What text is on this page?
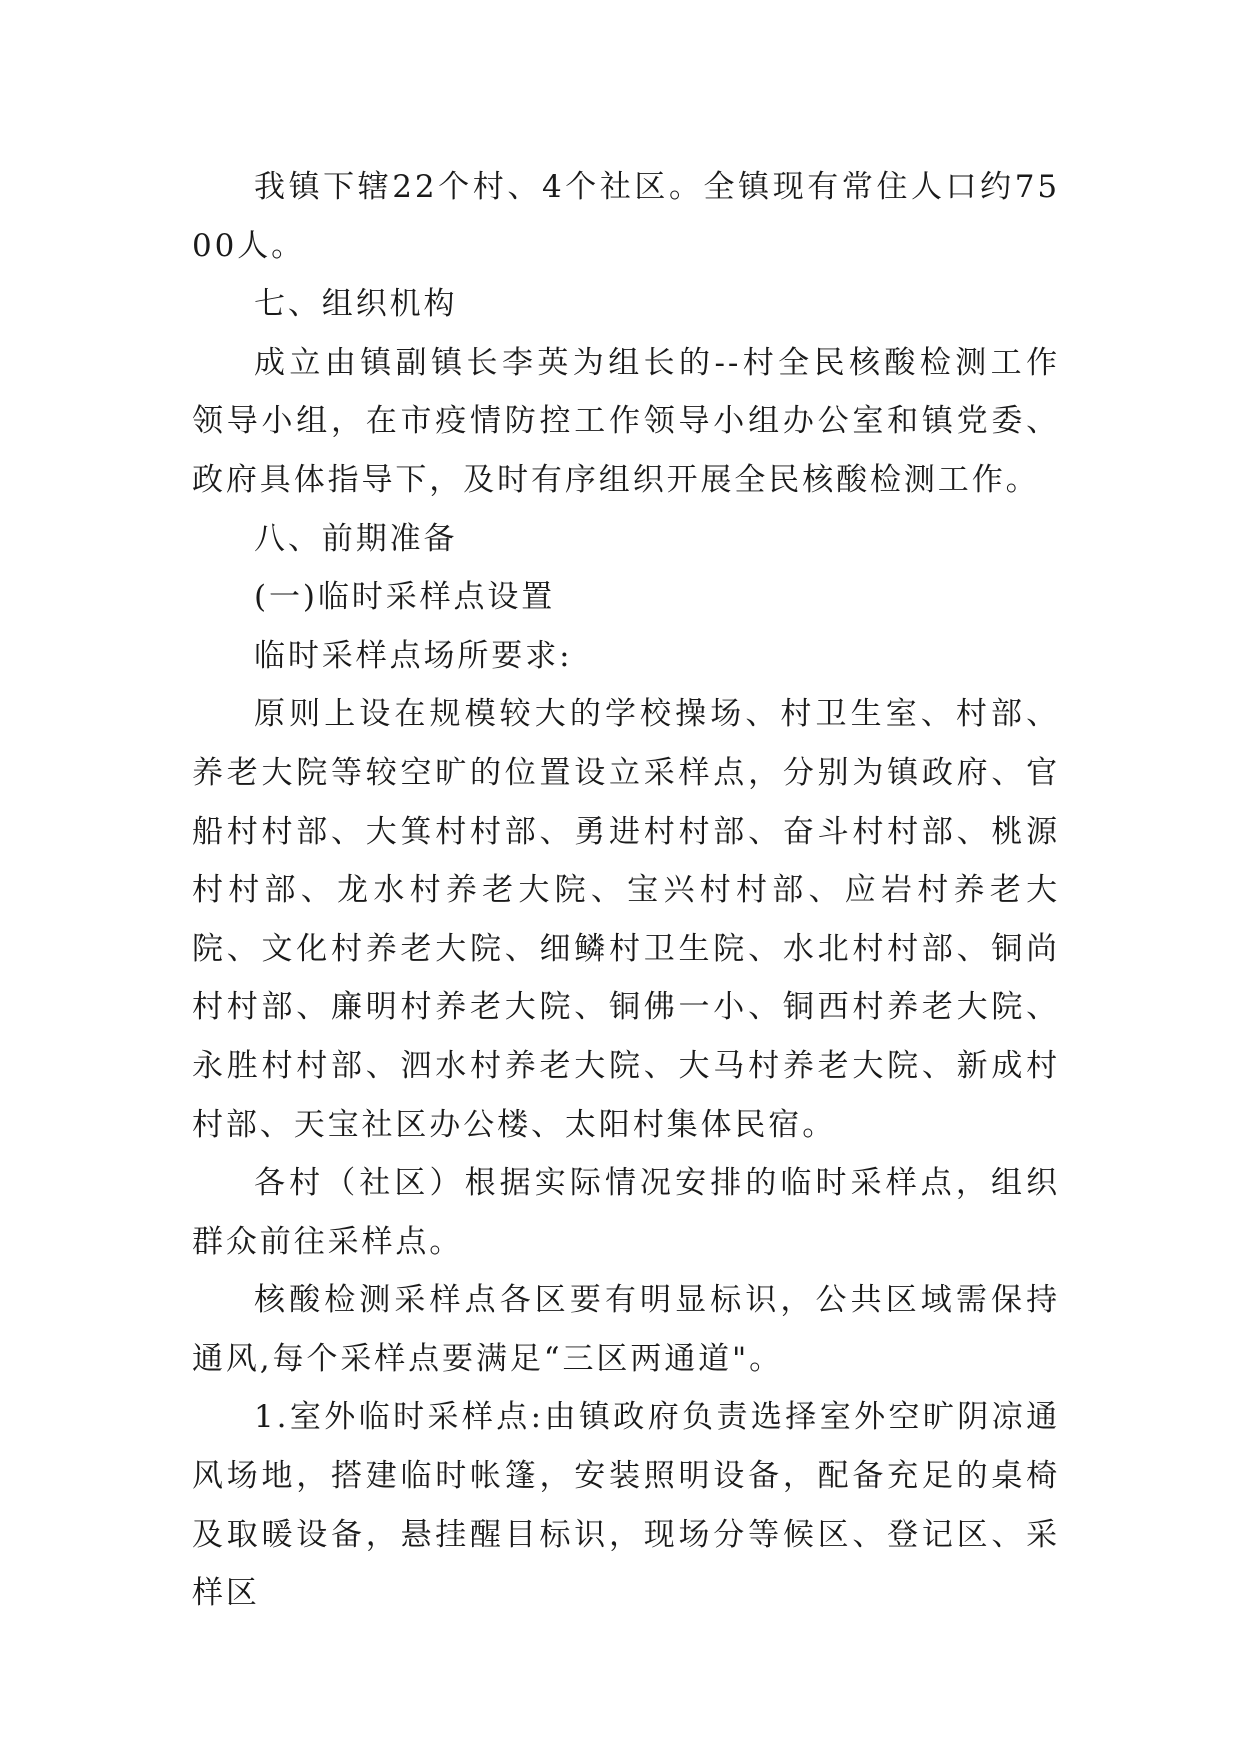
我镇下辖22个村、4个社区。全镇现有常住人口约7500人。

七、组织机构

成立由镇副镇长李英为组长的--村全民核酸检测工作领导小组，在市疫情防控工作领导小组办公室和镇党委、政府具体指导下，及时有序组织开展全民核酸检测工作。

八、前期准备

(一)临时采样点设置

临时采样点场所要求:

原则上设在规模较大的学校操场、村卫生室、村部、养老大院等较空旷的位置设立采样点，分别为镇政府、官船村村部、大箕村村部、勇进村村部、奋斗村村部、桃源村村部、龙水村养老大院、宝兴村村部、应岩村养老大院、文化村养老大院、细鳞村卫生院、水北村村部、铜尚村村部、廉明村养老大院、铜佛一小、铜西村养老大院、永胜村村部、泗水村养老大院、大马村养老大院、新成村村部、天宝社区办公楼、太阳村集体民宿。

各村（社区）根据实际情况安排的临时采样点，组织群众前往采样点。

核酸检测采样点各区要有明显标识，公共区域需保持通风,每个采样点要满足“三区两通道"。

1.室外临时采样点:由镇政府负责选择室外空旷阴凉通风场地，搭建临时帐篷，安装照明设备，配备充足的桌椅及取暖设备，悬挂醒目标识，现场分等候区、登记区、采样区
